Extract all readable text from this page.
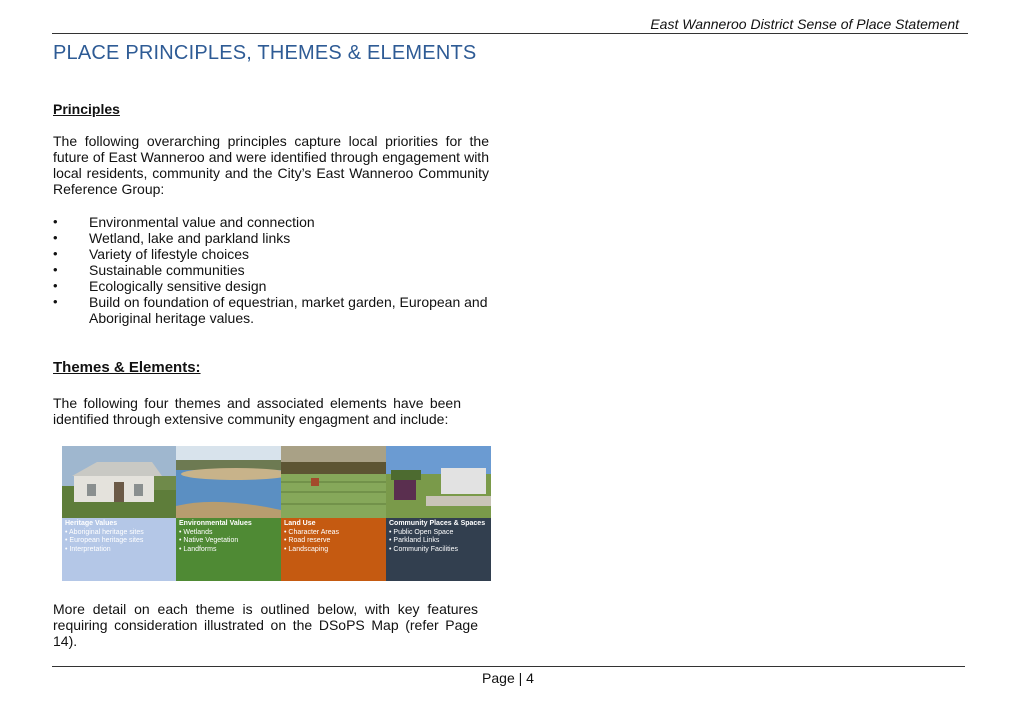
East Wanneroo District Sense of Place Statement
PLACE PRINCIPLES, THEMES & ELEMENTS
Principles
The following overarching principles capture local priorities for the future of East Wanneroo and were identified through engagement with local residents, community and the City’s East Wanneroo Community Reference Group:
• Environmental value and connection
• Wetland, lake and parkland links
• Variety of lifestyle choices
• Sustainable communities
• Ecologically sensitive design
• Build on foundation of equestrian, market garden, European and Aboriginal heritage values.
Themes & Elements:
The following four themes and associated elements have been identified through extensive community engagment and include:
Heritage Values
• Aboriginal heritage sites
• European heritage sites
• Interpretation
Environmental Values
• Wetlands
• Native Vegetation
• Landforms
Land Use
• Character Areas
• Road reserve
• Landscaping
Community Places & Spaces
• Public Open Space
• Parkland Links
• Community Facilities
More detail on each theme is outlined below, with key features requiring consideration illustrated on the DSoPS Map (refer Page 14).
Page | 4
